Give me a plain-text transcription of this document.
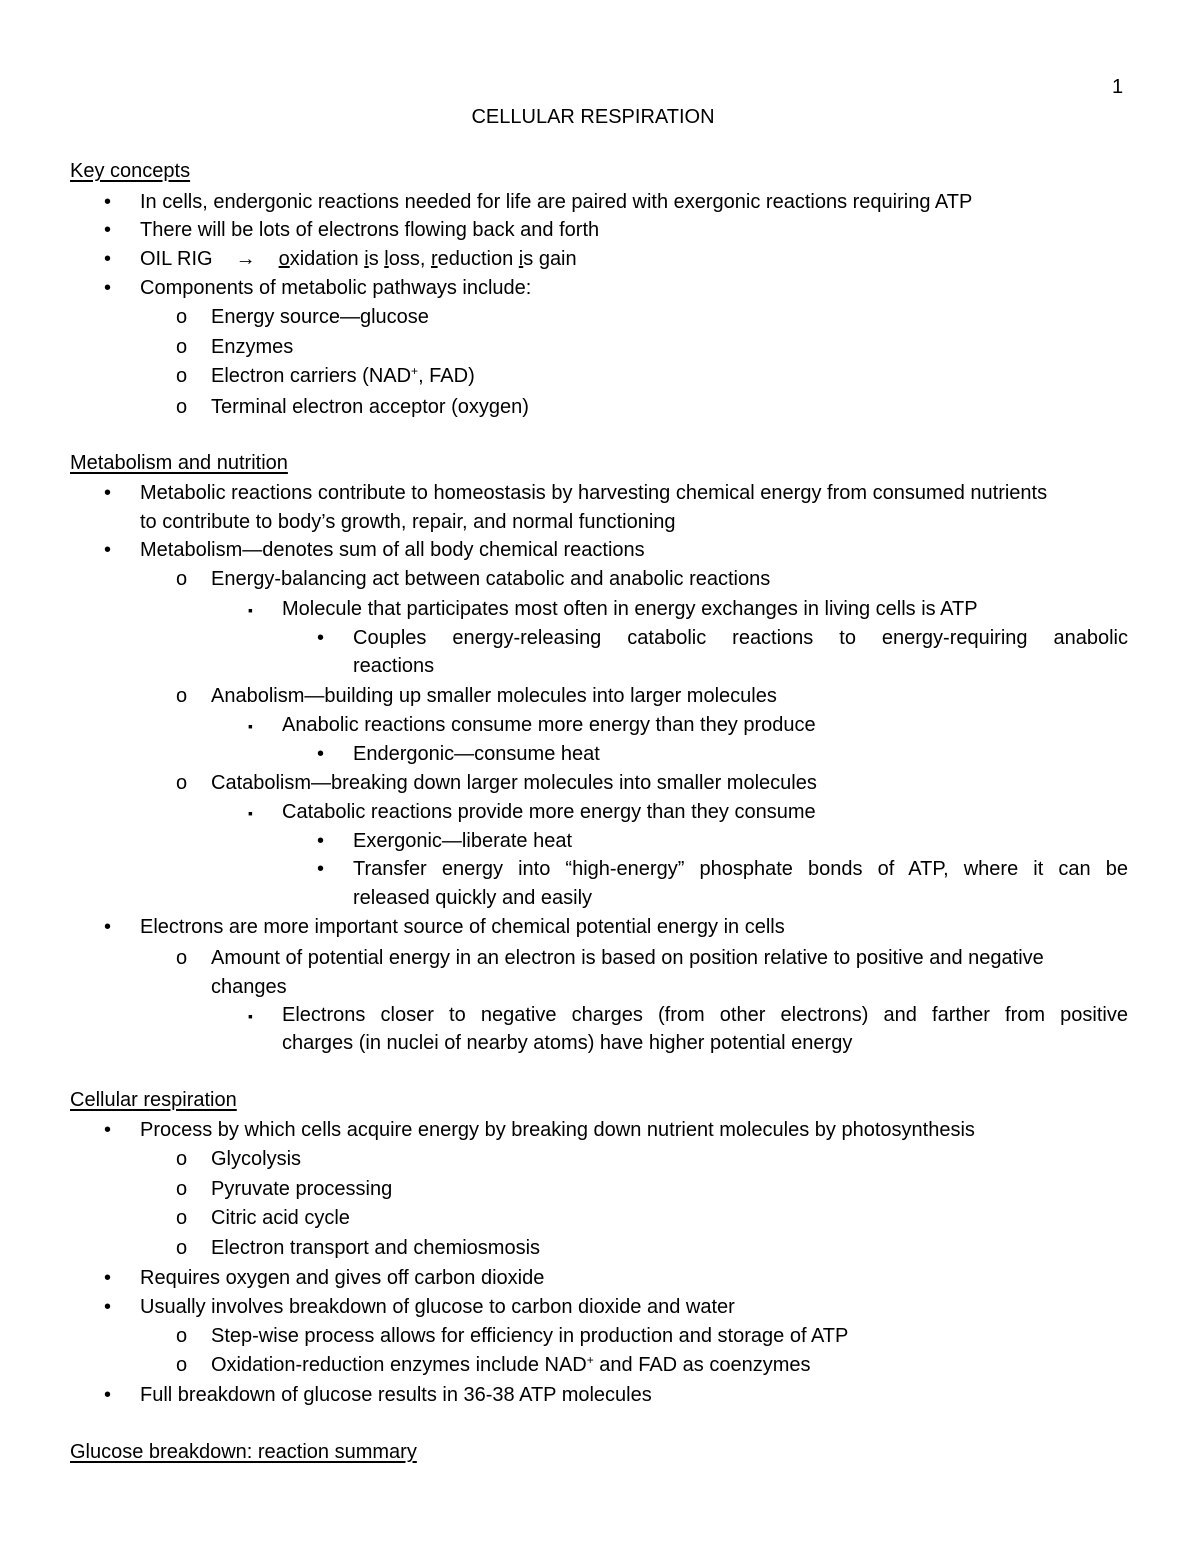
1
CELLULAR RESPIRATION
Key concepts
• In cells, endergonic reactions needed for life are paired with exergonic reactions requiring ATP
• There will be lots of electrons flowing back and forth
• OIL RIG → oxidation is loss, reduction is gain
• Components of metabolic pathways include:
o Energy source—glucose
o Enzymes
o Electron carriers (NAD+, FAD)
o Terminal electron acceptor (oxygen)
Metabolism and nutrition
• Metabolic reactions contribute to homeostasis by harvesting chemical energy from consumed nutrients
to contribute to body’s growth, repair, and normal functioning
• Metabolism—denotes sum of all body chemical reactions
o Energy-balancing act between catabolic and anabolic reactions
▪ Molecule that participates most often in energy exchanges in living cells is ATP
• Couples energy-releasing catabolic reactions to energy-requiring anabolic
reactions
o Anabolism—building up smaller molecules into larger molecules
▪ Anabolic reactions consume more energy than they produce
• Endergonic—consume heat
o Catabolism—breaking down larger molecules into smaller molecules
▪ Catabolic reactions provide more energy than they consume
• Exergonic—liberate heat
• Transfer energy into “high-energy” phosphate bonds of ATP, where it can be
released quickly and easily
• Electrons are more important source of chemical potential energy in cells
o Amount of potential energy in an electron is based on position relative to positive and negative
changes
▪ Electrons closer to negative charges (from other electrons) and farther from positive
charges (in nuclei of nearby atoms) have higher potential energy
Cellular respiration
• Process by which cells acquire energy by breaking down nutrient molecules by photosynthesis
o Glycolysis
o Pyruvate processing
o Citric acid cycle
o Electron transport and chemiosmosis
• Requires oxygen and gives off carbon dioxide
• Usually involves breakdown of glucose to carbon dioxide and water
o Step-wise process allows for efficiency in production and storage of ATP
o Oxidation-reduction enzymes include NAD+ and FAD as coenzymes
• Full breakdown of glucose results in 36-38 ATP molecules
Glucose breakdown: reaction summary
